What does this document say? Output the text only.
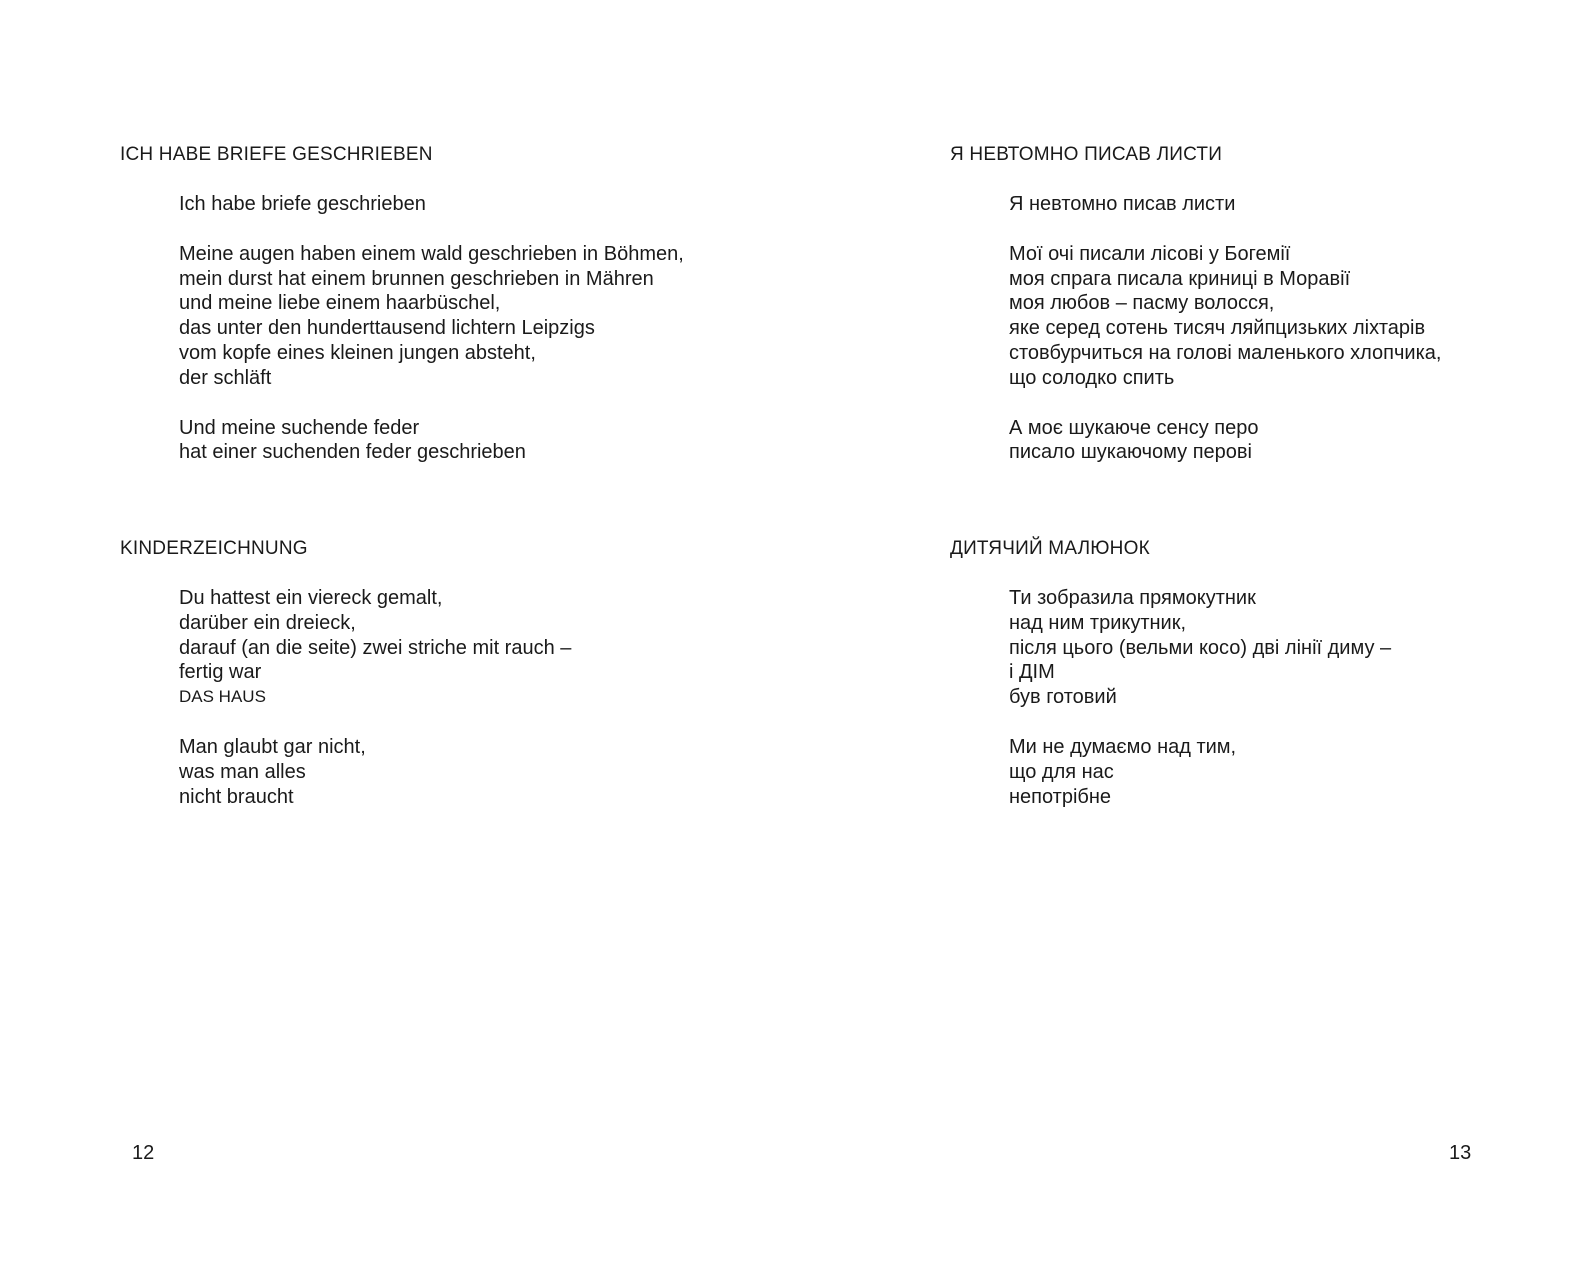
ICH HABE BRIEFE GESCHRIEBEN
Ich habe briefe geschrieben
Meine augen haben einem wald geschrieben in Böhmen,
mein durst hat einem brunnen geschrieben in Mähren
und meine liebe einem haarbüschel,
das unter den hunderttausend lichtern Leipzigs
vom kopfe eines kleinen jungen absteht,
der schläft
Und meine suchende feder
hat einer suchenden feder geschrieben
KINDERZEICHNUNG
Du hattest ein viereck gemalt,
darüber ein dreieck,
darauf (an die seite) zwei striche mit rauch –
fertig war
DAS HAUS
Man glaubt gar nicht,
was man alles
nicht braucht
12
Я НЕВТОМНО ПИСАВ ЛИСТИ
Я невтомно писав листи
Мої очі писали лісові у Богемії
моя спрага писала криниці в Моравії
моя любов – пасму волосся,
яке серед сотень тисяч ляйпцизьких ліхтарів
стовбурчиться на голові маленького хлопчика,
що солодко спить
А моє шукаюче сенсу перо
писало шукаючому перові
ДИТЯЧИЙ МАЛЮНОК
Ти зобразила прямокутник
над ним трикутник,
після цього (вельми косо) дві лінії диму –
і ДІМ
був готовий
Ми не думаємо над тим,
що для нас
непотрібне
13
